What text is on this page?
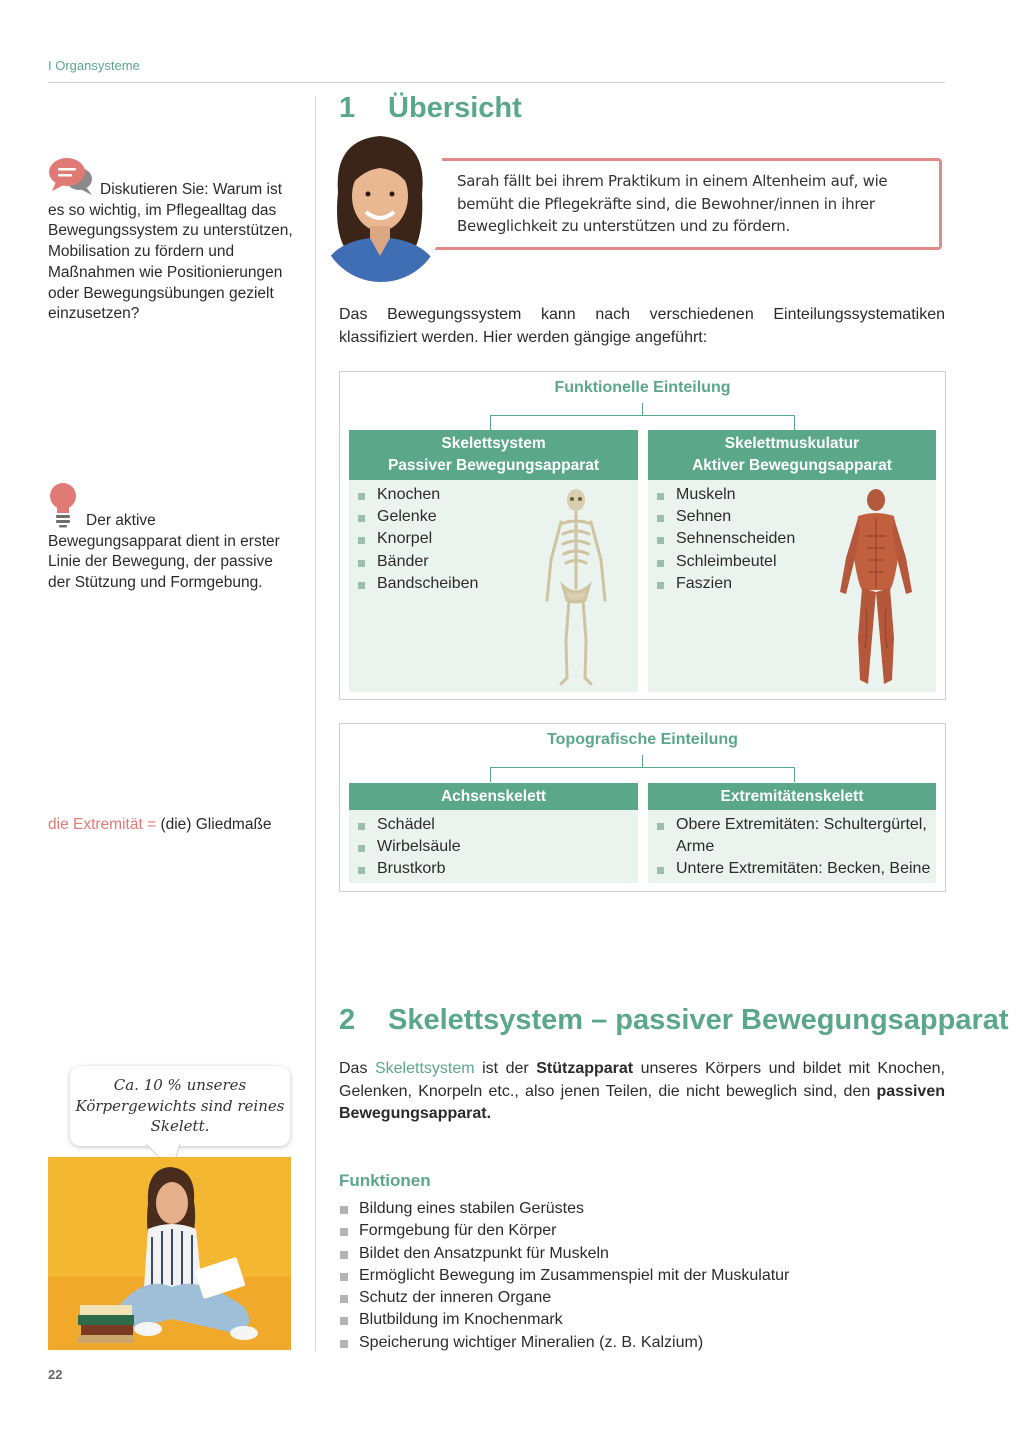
I Organsysteme
1 Übersicht
Diskutieren Sie: Warum ist es so wichtig, im Pflegealltag das Bewegungssystem zu unterstützen, Mobilisation zu fördern und Maßnahmen wie Positionierungen oder Bewegungsübungen gezielt einzusetzen?
Der aktive Bewegungsapparat dient in erster Linie der Bewegung, der passive der Stützung und Formgebung.
die Extremität = (die) Gliedmaße
Sarah fällt bei ihrem Praktikum in einem Altenheim auf, wie bemüht die Pflegekräfte sind, die Bewohner/innen in ihrer Beweglichkeit zu unterstützen und zu fördern.
Das Bewegungssystem kann nach verschiedenen Einteilungssystematiken klassifiziert werden. Hier werden gängige angeführt:
Funktionelle Einteilung
Skelettsystem
Passiver Bewegungsapparat
Knochen
Gelenke
Knorpel
Bänder
Bandscheiben
Skelettmuskulatur
Aktiver Bewegungsapparat
Muskeln
Sehnen
Sehnenscheiden
Schleimbeutel
Faszien
Topografische Einteilung
Achsenskelett
Schädel
Wirbelsäule
Brustkorb
Extremitätenskelett
Obere Extremitäten: Schultergürtel, Arme
Untere Extremitäten: Becken, Beine
2 Skelettsystem – passiver Bewegungsapparat
Das Skelettsystem ist der Stützapparat unseres Körpers und bildet mit Knochen, Gelenken, Knorpeln etc., also jenen Teilen, die nicht beweglich sind, den passiven Bewegungsapparat.
Funktionen
Bildung eines stabilen Gerüstes
Formgebung für den Körper
Bildet den Ansatzpunkt für Muskeln
Ermöglicht Bewegung im Zusammenspiel mit der Muskulatur
Schutz der inneren Organe
Blutbildung im Knochenmark
Speicherung wichtiger Mineralien (z. B. Kalzium)
Ca. 10 % unseres Körpergewichts sind reines Skelett.
22
